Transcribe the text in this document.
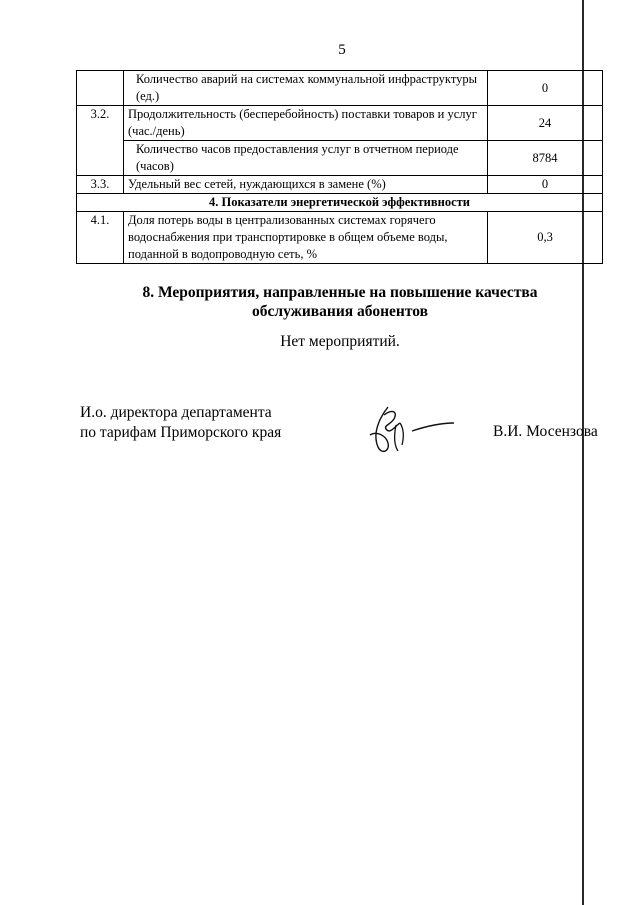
5
	Количество аварий на системах коммунальной инфраструктуры (ед.)	0
3.2.	Продолжительность (бесперебойность) поставки товаров и услуг (час./день)	24
	Количество часов предоставления услуг в отчетном периоде (часов)	8784
3.3.	Удельный вес сетей, нуждающихся в замене (%)	0
4. Показатели энергетической эффективности		
4.1.	Доля потерь воды в централизованных системах горячего водоснабжения при транспортировке в общем объеме воды, поданной в водопроводную сеть, %	0,3
8. Мероприятия, направленные на повышение качества
обслуживания абонентов
Нет мероприятий.
И.о. директора департамента
по тарифам Приморского края	В.И. Мосензова
